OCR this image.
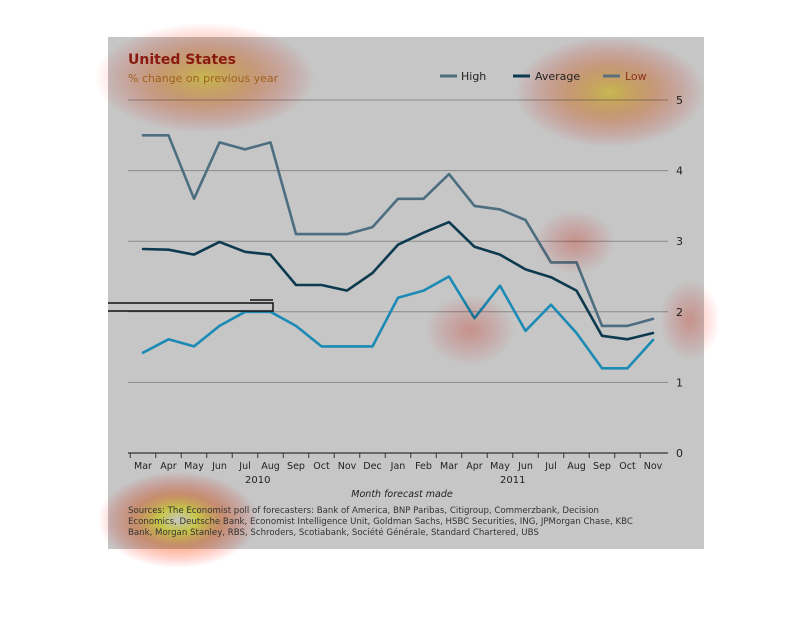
0
1
3
4
Mar Apr May Jun Jul Aug Sep Oct Nov Dec Jan Feb Mar Apr May Jun Jul Aug Sep Oct Nov
2010	2011
United States
% change on previous year
Month forecast made
High	Average	Low
Sources: The Economist poll of forecasters: Bank of America, BNP Paribas, Citigroup, Commerzbank, Decision Economics, Deutsche Bank, Economist Intelligence Unit, Goldman Sachs, HSBC Securities, ING, JPMorgan Chase, KBC Bank, Morgan Stanley, RBS, Schroders, Scotiabank, Société Générale, Standard Chartered, UBS
